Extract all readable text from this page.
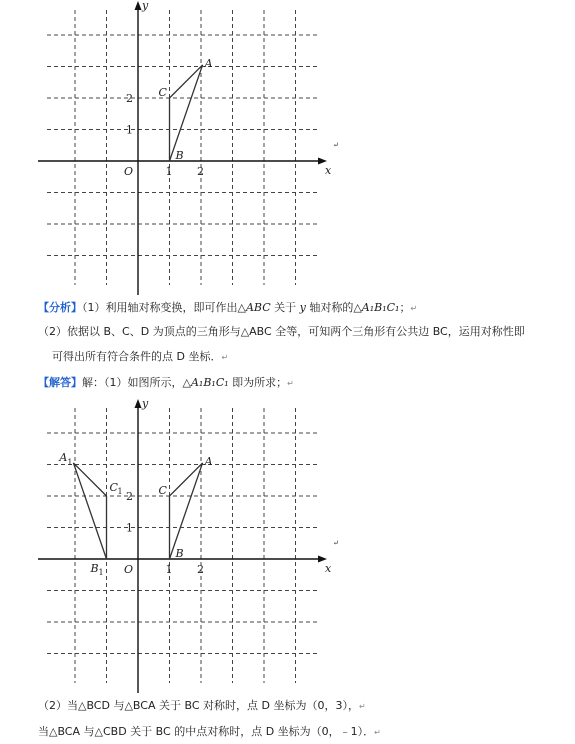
x
y
O	1 2
1
2
A
B
C
↵
【分析】（1）利用轴对称变换，即可作出△ABC 关于 y 轴对称的△A₁B₁C₁；↵
（2）依据以 B、C、D 为顶点的三角形与△ABC 全等，可知两个三角形有公共边 BC，运用对称性即
可得出所有符合条件的点 D 坐标．↵
【解答】解：（1）如图所示，△A₁B₁C₁ 即为所求；↵
x
y
O	1 2
1
2
A
B
C
A 1
B 1
C 1
↵
（2）当△BCD 与△BCA 关于 BC 对称时，点 D 坐标为（0，3），↵
当△BCA 与△CBD 关于 BC 的中点对称时，点 D 坐标为（0，﹣1）．↵
